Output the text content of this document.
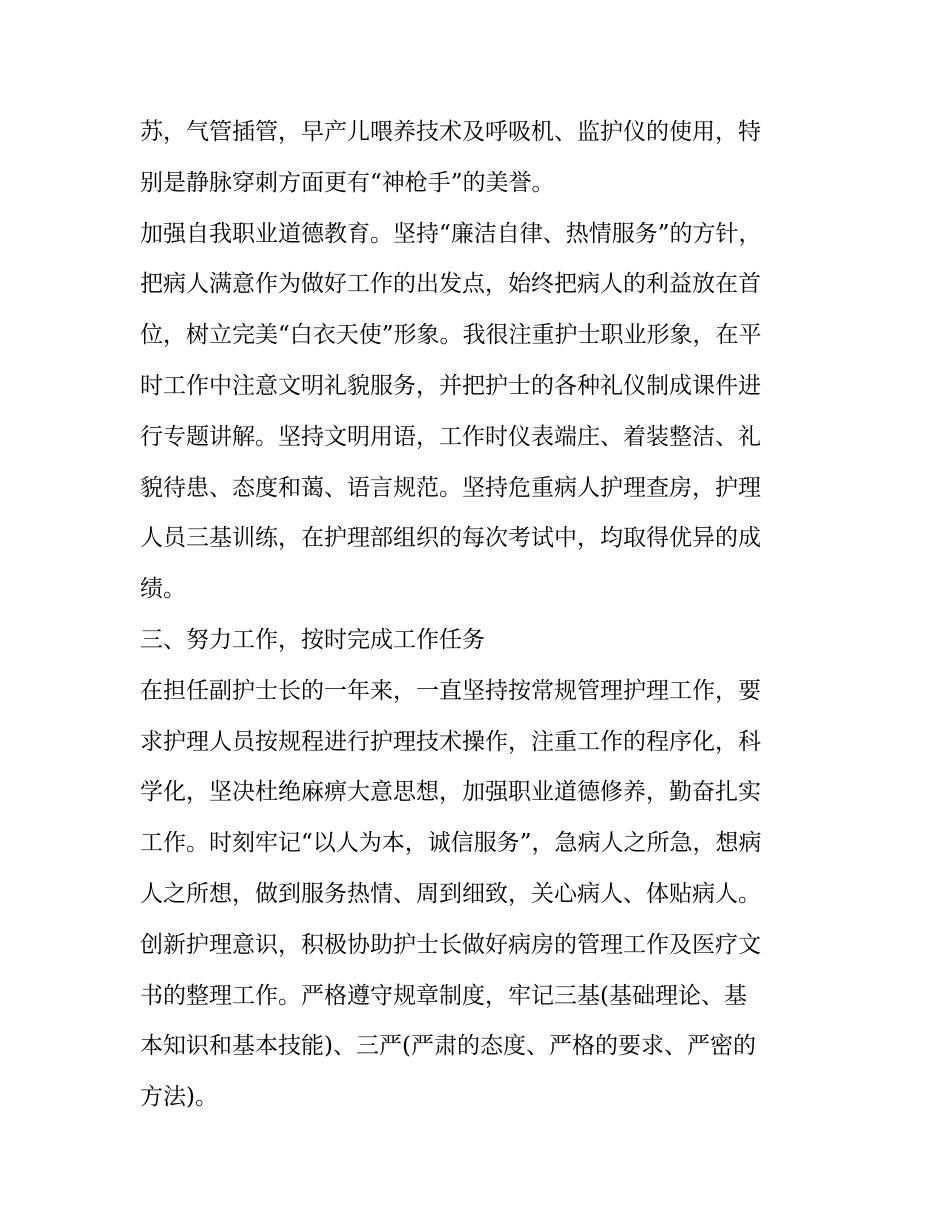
苏，气管插管，早产儿喂养技术及呼吸机、监护仪的使用，特
别是静脉穿刺方面更有“神枪手”的美誉。
加强自我职业道德教育。坚持“廉洁自律、热情服务”的方针，
把病人满意作为做好工作的出发点，始终把病人的利益放在首
位，树立完美“白衣天使”形象。我很注重护士职业形象，在平
时工作中注意文明礼貌服务，并把护士的各种礼仪制成课件进
行专题讲解。坚持文明用语，工作时仪表端庄、着装整洁、礼
貌待患、态度和蔼、语言规范。坚持危重病人护理查房，护理
人员三基训练，在护理部组织的每次考试中，均取得优异的成
绩。
三、努力工作，按时完成工作任务
在担任副护士长的一年来，一直坚持按常规管理护理工作，要
求护理人员按规程进行护理技术操作，注重工作的程序化，科
学化，坚决杜绝麻痹大意思想，加强职业道德修养，勤奋扎实
工作。时刻牢记“以人为本，诚信服务”，急病人之所急，想病
人之所想，做到服务热情、周到细致，关心病人、体贴病人。
创新护理意识，积极协助护士长做好病房的管理工作及医疗文
书的整理工作。严格遵守规章制度，牢记三基(基础理论、基
本知识和基本技能)、三严(严肃的态度、严格的要求、严密的
方法)。
